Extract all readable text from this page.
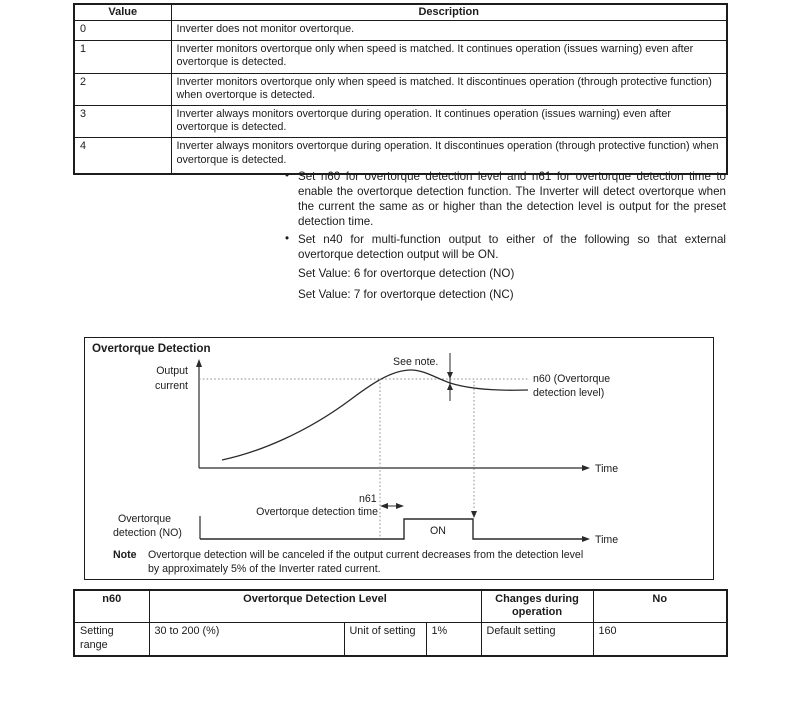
Value	Description
0	Inverter does not monitor overtorque.
1	Inverter monitors overtorque only when speed is matched. It continues operation (issues warning) even after overtorque is detected.
2	Inverter monitors overtorque only when speed is matched. It discontinues operation (through protective function) when overtorque is detected.
3	Inverter always monitors overtorque during operation. It continues operation (issues warning) even after overtorque is detected.
4	Inverter always monitors overtorque during operation. It discontinues operation (through protective function) when overtorque is detected.
• Set n60 for overtorque detection level and n61 for overtorque detection time to enable the overtorque detection function. The Inverter will detect overtorque when the current the same as or higher than the detection level is output for the preset detection time.
• Set n40 for multi-function output to either of the following so that external overtorque detection output will be ON.
Set Value: 6 for overtorque detection (NO)
Set Value: 7 for overtorque detection (NC)
Overtorque Detection
Time
Output
current
See note.
n60 (Overtorque
detection level)
Time
ON
Overtorque
detection (NO)
n61
Overtorque detection time
Note Overtorque detection will be canceled if the output current decreases from the detection level
by approximately 5% of the Inverter rated current.
n60	Overtorque Detection Level			Changes during operation	No
Setting range	30 to 200 (%)	Unit of setting	1%	Default setting	160
